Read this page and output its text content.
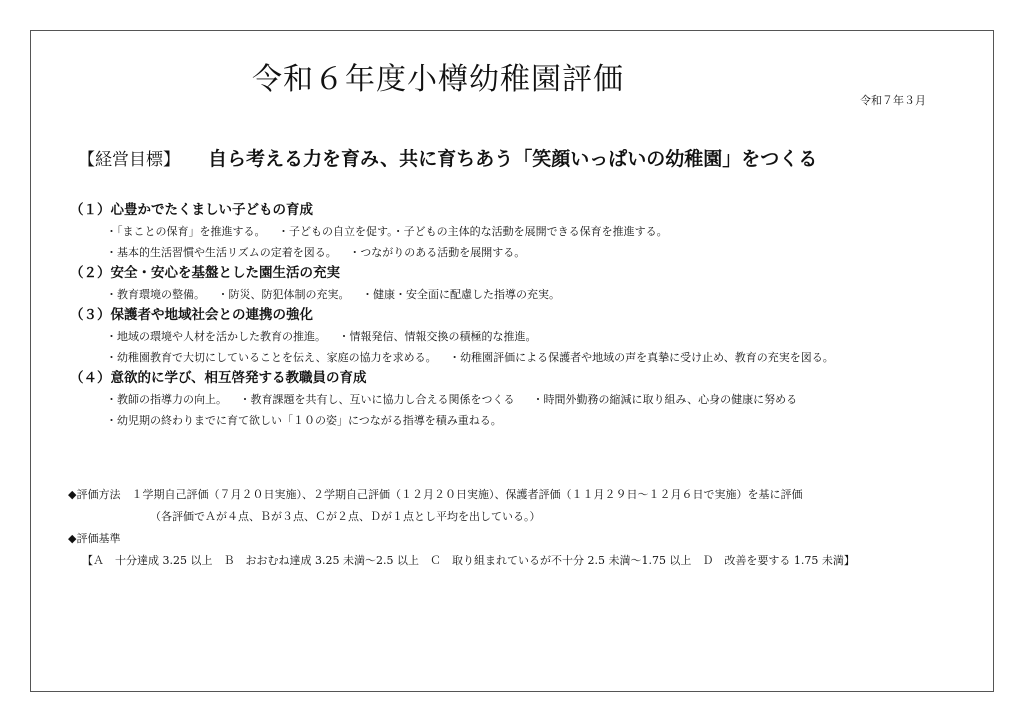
令和６年度小樽幼稚園評価
令和７年３月
【経営目標】 自ら考える力を育み、共に育ちあう「笑顔いっぱいの幼稚園」をつくる
（１）心豊かでたくましい子どもの育成
・「まことの保育」を推進する。 ・子どもの自立を促す。・子どもの主体的な活動を展開できる保育を推進する。
・基本的生活習慣や生活リズムの定着を図る。 ・つながりのある活動を展開する。
（２）安全・安心を基盤とした園生活の充実
・教育環境の整備。 ・防災、防犯体制の充実。 ・健康・安全面に配慮した指導の充実。
（３）保護者や地域社会との連携の強化
・地域の環境や人材を活かした教育の推進。 ・情報発信、情報交換の積極的な推進。
・幼稚園教育で大切にしていることを伝え、家庭の協力を求める。 ・幼稚園評価による保護者や地域の声を真摯に受け止め、教育の充実を図る。
（４）意欲的に学び、相互啓発する教職員の育成
・教師の指導力の向上。 ・教育課題を共有し、互いに協力し合える関係をつくる ・時間外勤務の縮減に取り組み、心身の健康に努める
・幼児期の終わりまでに育て欲しい「１０の姿」につながる指導を積み重ねる。
◆評価方法　１学期自己評価（７月２０日実施）、２学期自己評価（１２月２０日実施）、保護者評価（１１月２９日～１２月６日で実施）を基に評価
（各評価でＡが４点、Ｂが３点、Ｃが２点、Ｄが１点とし平均を出している。）
◆評価基準
【Ａ　十分達成 3.25 以上　Ｂ　おおむね達成 3.25 未満～2.5 以上　Ｃ　取り組まれているが不十分 2.5 未満～1.75 以上　Ｄ　改善を要する 1.75 未満】
